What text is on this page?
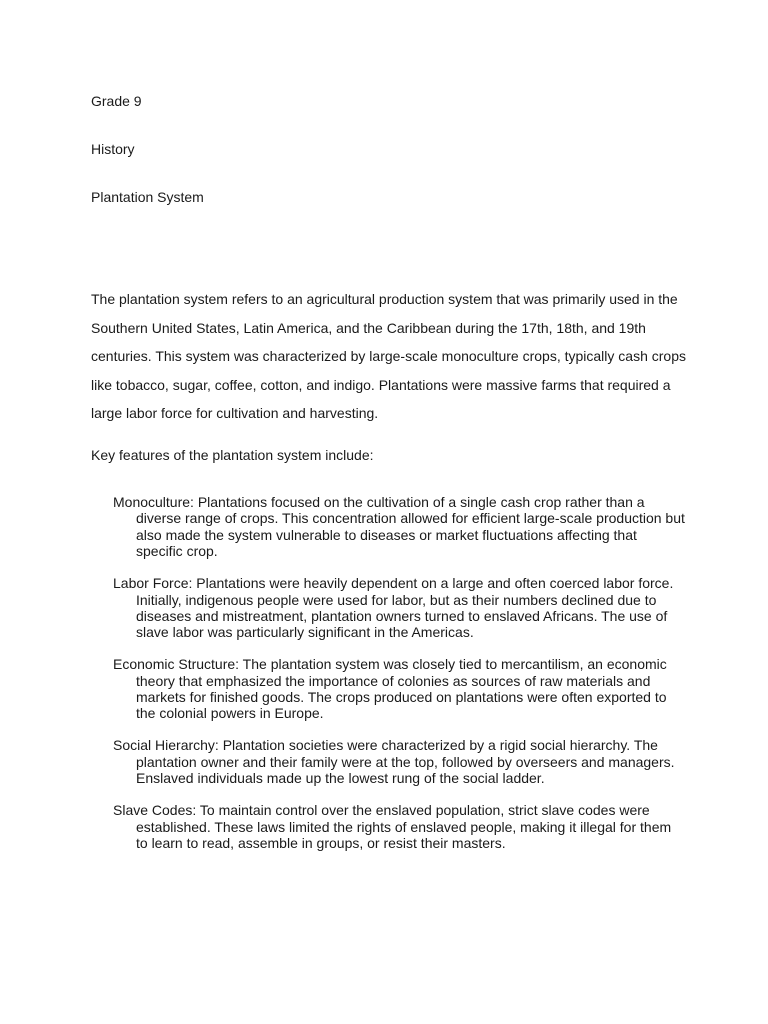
Grade 9

History

Plantation System

The plantation system refers to an agricultural production system that was primarily used in the
Southern United States, Latin America, and the Caribbean during the 17th, 18th, and 19th
centuries. This system was characterized by large-scale monoculture crops, typically cash crops
like tobacco, sugar, coffee, cotton, and indigo. Plantations were massive farms that required a
large labor force for cultivation and harvesting.

Key features of the plantation system include:

Monoculture: Plantations focused on the cultivation of a single cash crop rather than a
diverse range of crops. This concentration allowed for efficient large-scale production but
also made the system vulnerable to diseases or market fluctuations affecting that
specific crop.
Labor Force: Plantations were heavily dependent on a large and often coerced labor force.
Initially, indigenous people were used for labor, but as their numbers declined due to
diseases and mistreatment, plantation owners turned to enslaved Africans. The use of
slave labor was particularly significant in the Americas.
Economic Structure: The plantation system was closely tied to mercantilism, an economic
theory that emphasized the importance of colonies as sources of raw materials and
markets for finished goods. The crops produced on plantations were often exported to
the colonial powers in Europe.
Social Hierarchy: Plantation societies were characterized by a rigid social hierarchy. The
plantation owner and their family were at the top, followed by overseers and managers.
Enslaved individuals made up the lowest rung of the social ladder.
Slave Codes: To maintain control over the enslaved population, strict slave codes were
established. These laws limited the rights of enslaved people, making it illegal for them
to learn to read, assemble in groups, or resist their masters.
